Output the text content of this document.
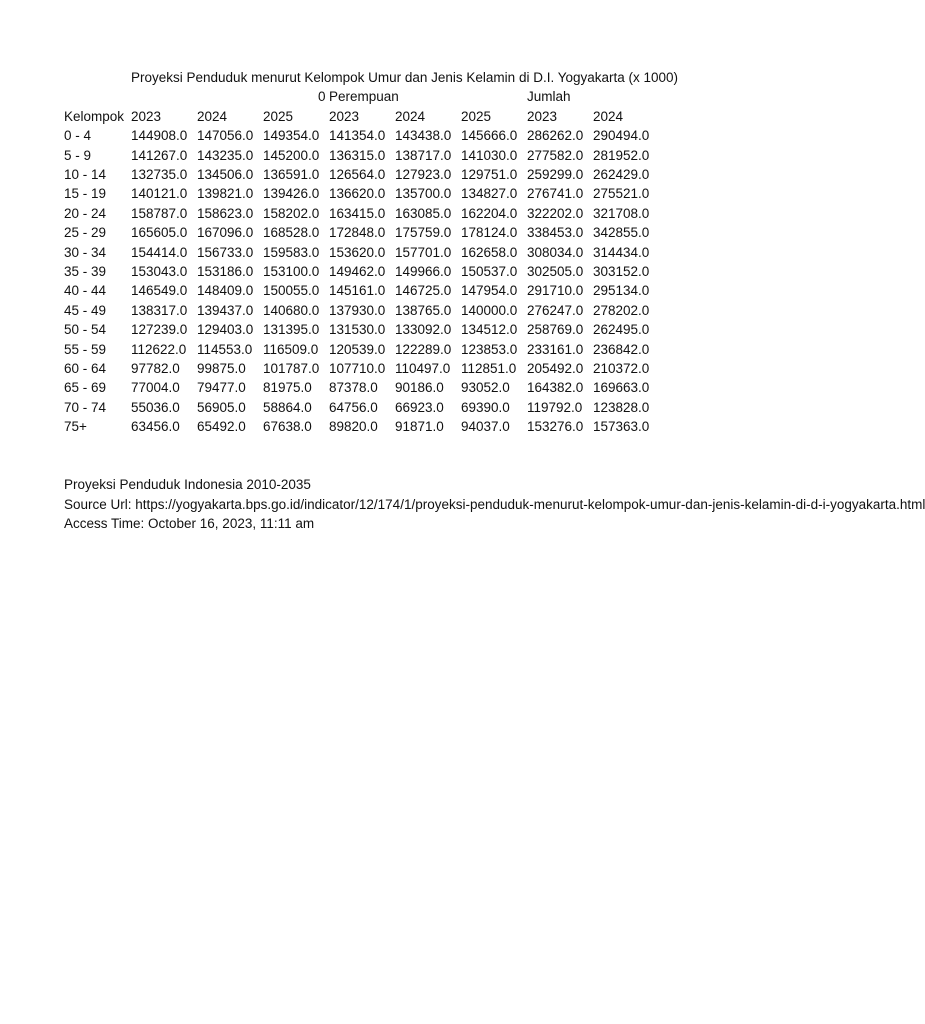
Proyeksi Penduduk menurut Kelompok Umur dan Jenis Kelamin di D.I. Yogyakarta (x 1000)
0 Perempuan	Jumlah
Kelompok 2023	2024	2025	2023	2024	2025	2023	2024
0 - 4	144908.0 147056.0 149354.0 141354.0 143438.0 145666.0 286262.0 290494.0
5 - 9	141267.0 143235.0 145200.0 136315.0 138717.0 141030.0 277582.0 281952.0
10 - 14	132735.0 134506.0 136591.0 126564.0 127923.0 129751.0 259299.0 262429.0
15 - 19	140121.0 139821.0 139426.0 136620.0 135700.0 134827.0 276741.0 275521.0
20 - 24	158787.0 158623.0 158202.0 163415.0 163085.0 162204.0 322202.0 321708.0
25 - 29	165605.0 167096.0 168528.0 172848.0 175759.0 178124.0 338453.0 342855.0
30 - 34	154414.0 156733.0 159583.0 153620.0 157701.0 162658.0 308034.0 314434.0
35 - 39	153043.0 153186.0 153100.0 149462.0 149966.0 150537.0 302505.0 303152.0
40 - 44	146549.0 148409.0 150055.0 145161.0 146725.0 147954.0 291710.0 295134.0
45 - 49	138317.0 139437.0 140680.0 137930.0 138765.0 140000.0 276247.0 278202.0
50 - 54	127239.0 129403.0 131395.0 131530.0 133092.0 134512.0 258769.0 262495.0
55 - 59	112622.0 114553.0 116509.0 120539.0 122289.0 123853.0 233161.0 236842.0
60 - 64	97782.0	99875.0	101787.0 107710.0 110497.0 112851.0 205492.0 210372.0
65 - 69	77004.0	79477.0	81975.0	87378.0	90186.0	93052.0	164382.0 169663.0
70 - 74	55036.0	56905.0	58864.0	64756.0	66923.0	69390.0	119792.0 123828.0
75+	63456.0	65492.0	67638.0	89820.0	91871.0	94037.0	153276.0 157363.0
Proyeksi Penduduk Indonesia 2010-2035
Source Url: https://yogyakarta.bps.go.id/indicator/12/174/1/proyeksi-penduduk-menurut-kelompok-umur-dan-jenis-kelamin-di-d-i-yogyakarta.html
Access Time: October 16, 2023, 11:11 am
